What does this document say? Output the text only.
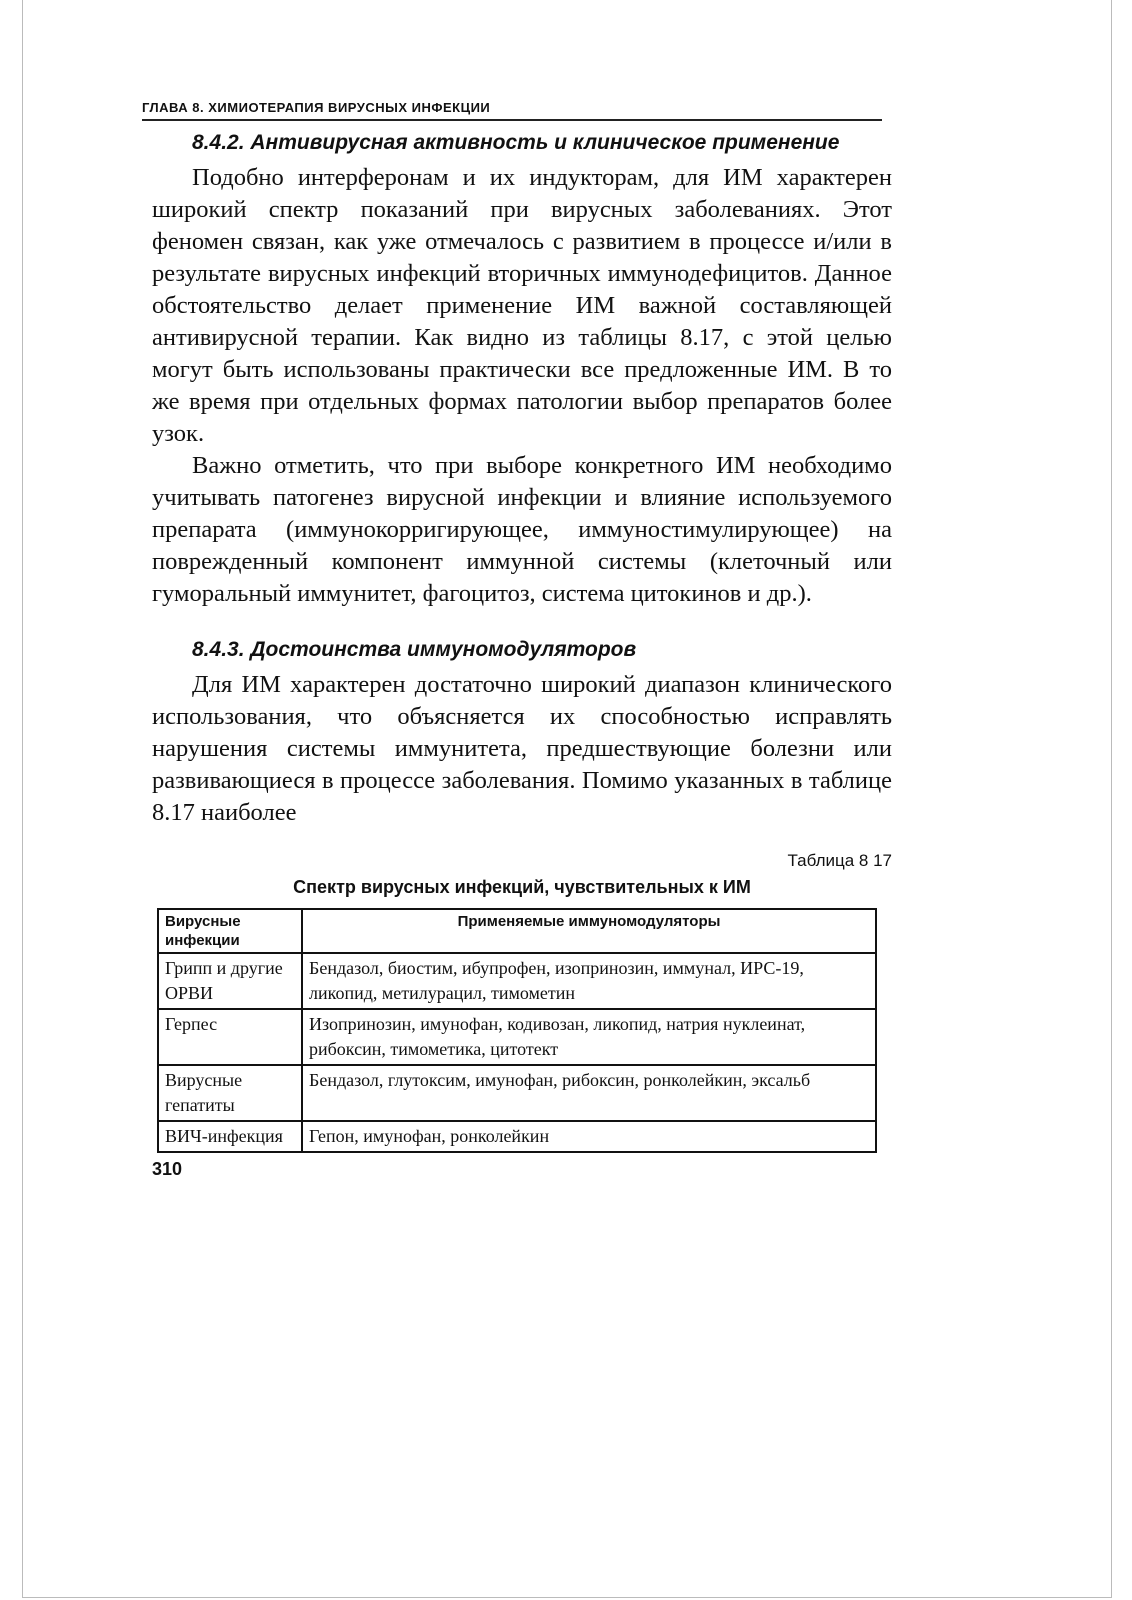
ГЛАВА 8. ХИМИОТЕРАПИЯ ВИРУСНЫХ ИНФЕКЦИИ
8.4.2. Антивирусная активность и клиническое применение

Подобно интерферонам и их индукторам, для ИМ характерен широкий спектр показаний при вирусных заболеваниях. Этот феномен связан, как уже отмечалось с развитием в процессе и/или в результате вирусных инфекций вторичных иммунодефицитов. Данное обстоятельство делает применение ИМ важной составляющей антивирусной терапии. Как видно из таблицы 8.17, с этой целью могут быть использованы практически все предложенные ИМ. В то же время при отдельных формах патологии выбор препаратов более узок.

Важно отметить, что при выборе конкретного ИМ необходимо учитывать патогенез вирусной инфекции и влияние используемого препарата (иммунокорригирующее, иммуностимулирующее) на поврежденный компонент иммунной системы (клеточный или гуморальный иммунитет, фагоцитоз, система цитокинов и др.).

8.4.3. Достоинства иммуномодуляторов

Для ИМ характерен достаточно широкий диапазон клинического использования, что объясняется их способностью исправлять нарушения системы иммунитета, предшествующие болезни или развивающиеся в процессе заболевания. Помимо указанных в таблице 8.17 наиболее

Таблица 8 17
Спектр вирусных инфекций, чувствительных к ИМ
Вирусные инфекции	Применяемые иммуномодуляторы
Грипп и другие ОРВИ	Бендазол, биостим, ибупрофен, изопринозин, иммунал, ИРС-19, ликопид, метилурацил, тимометин
Герпес	Изопринозин, имунофан, кодивозан, ликопид, натрия нуклеинат, рибоксин, тимометика, цитотект
Вирусные гепатиты	Бендазол, глутоксим, имунофан, рибоксин, ронколейкин, эксальб
ВИЧ-инфекция	Гепон, имунофан, ронколейкин
310
